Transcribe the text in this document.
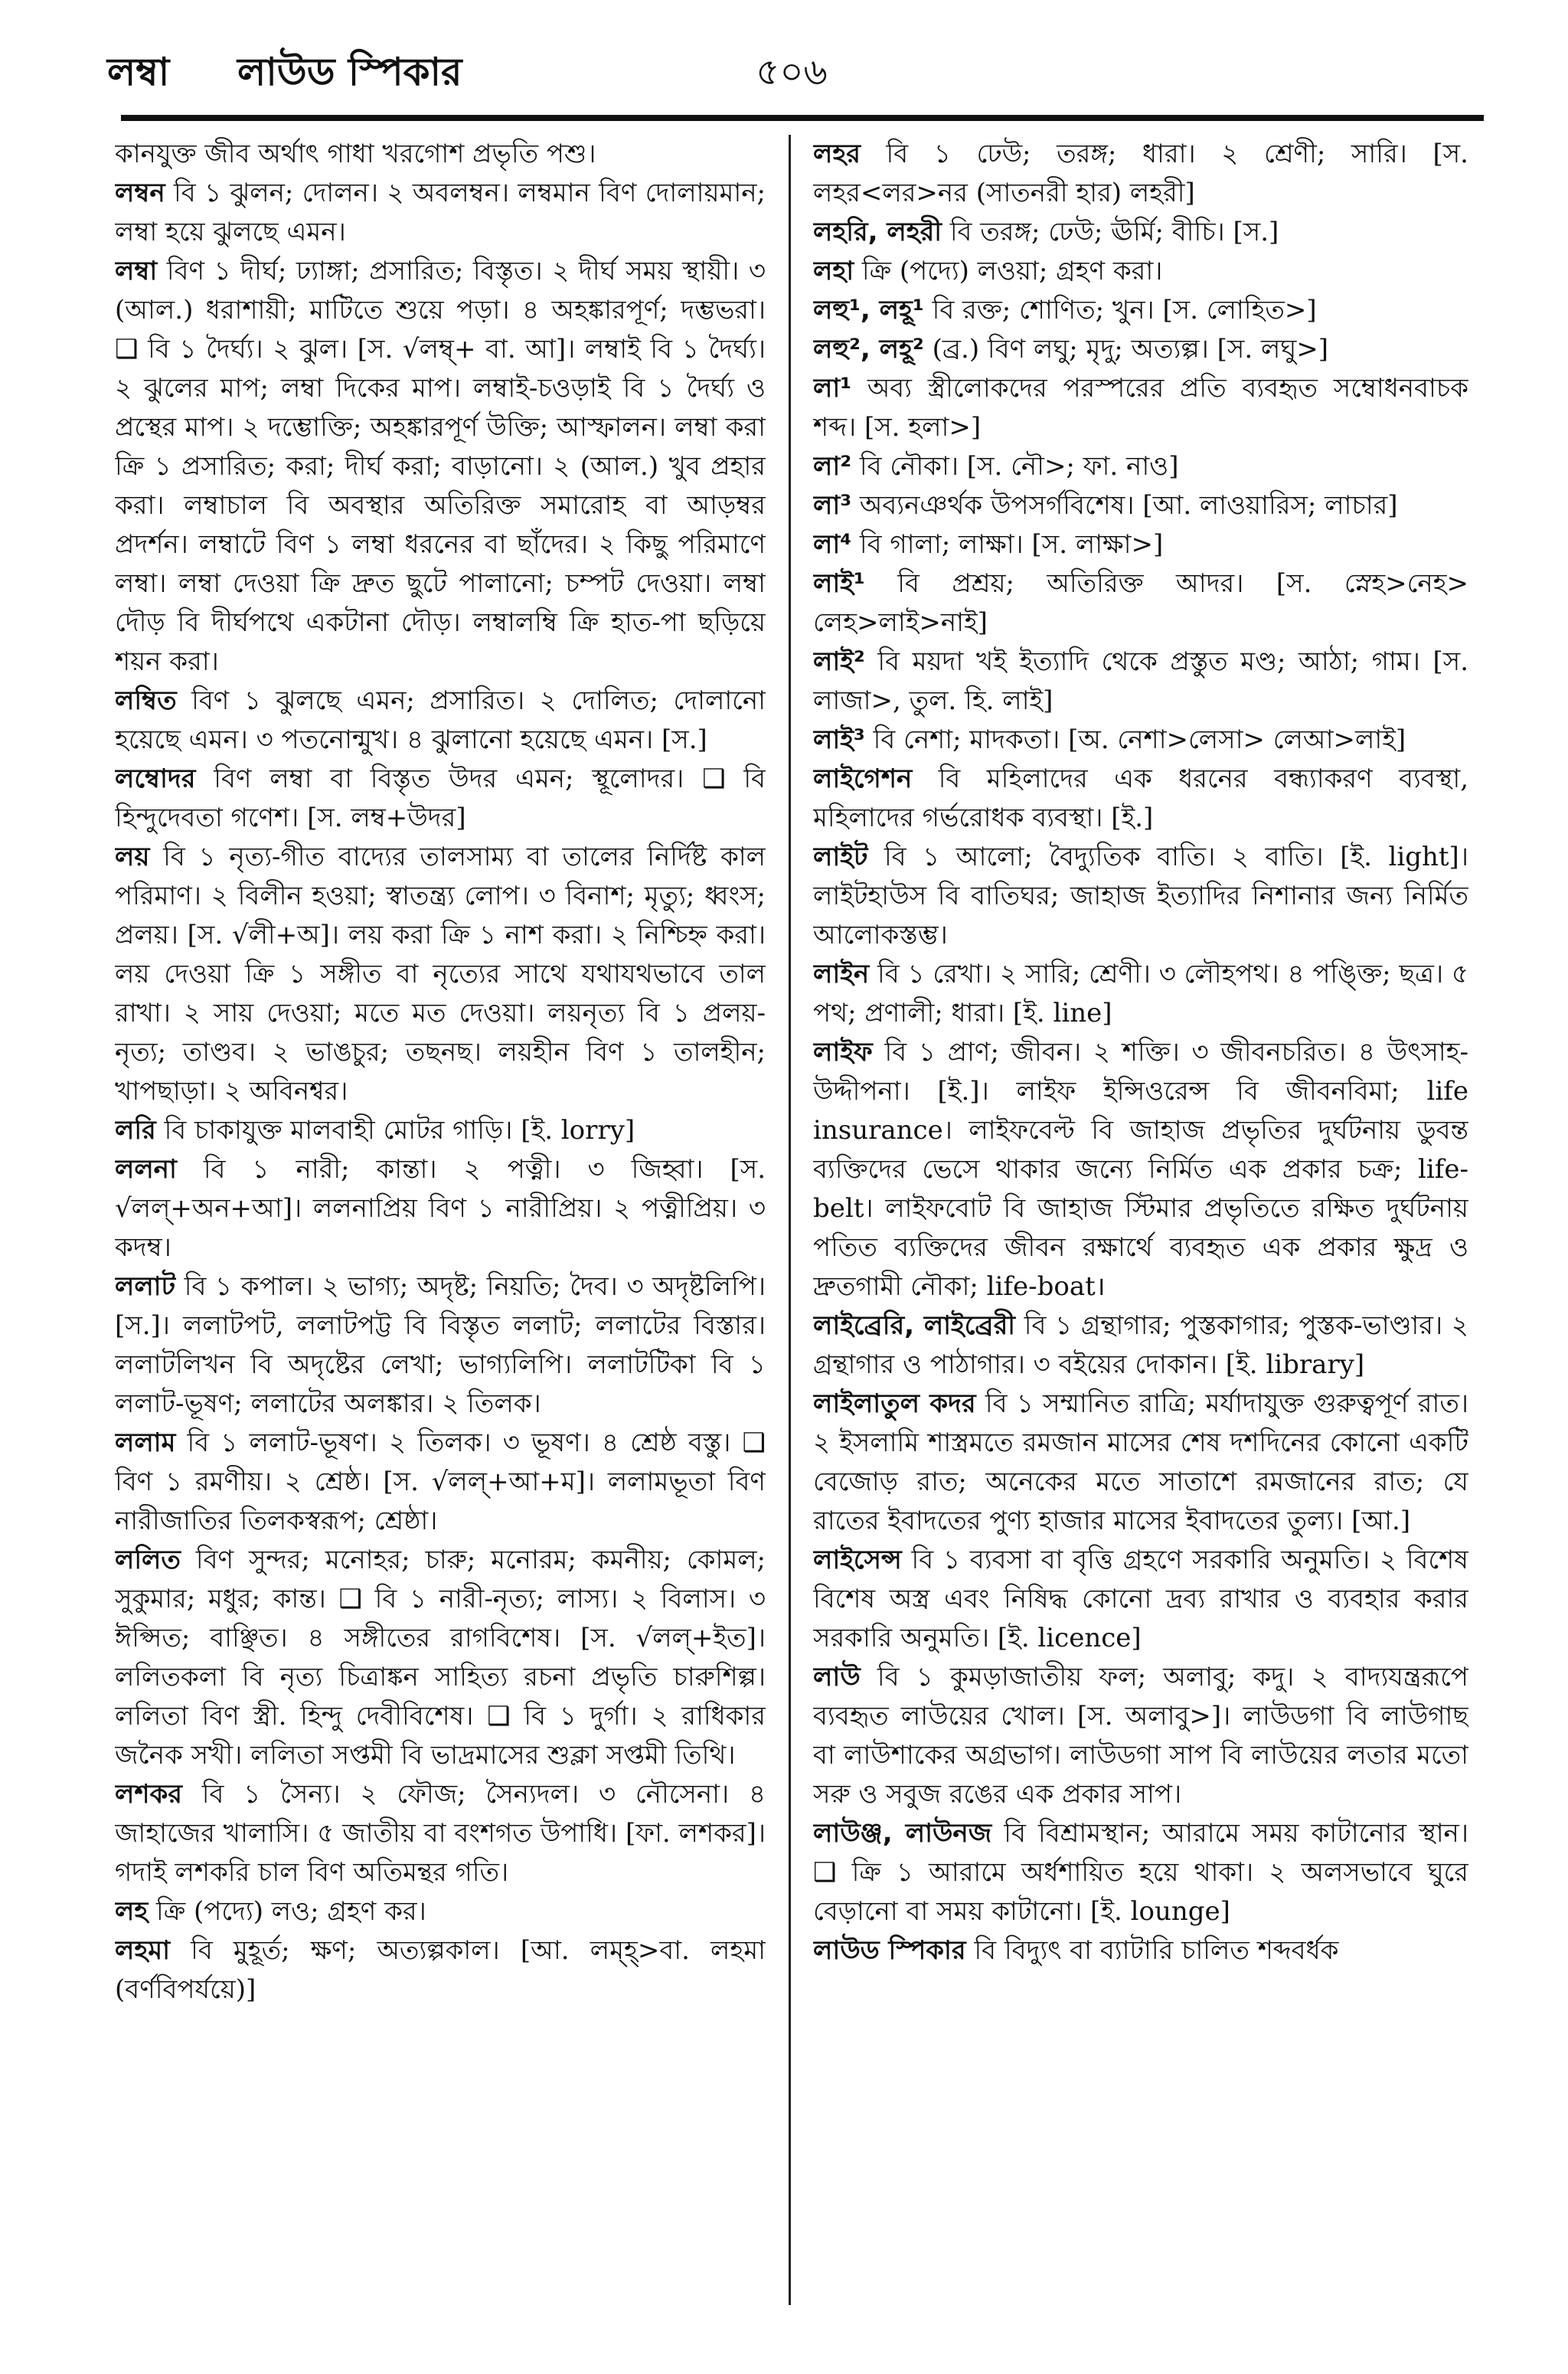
লম্বা লাউড স্পিকার	৫০৬

কানযুক্ত জীব অর্থাৎ গাধা খরগোশ প্রভৃতি পশু।

লম্বন বি ১ ঝুলন; দোলন। ২ অবলম্বন। লম্বমান বিণ দোলায়মান; লম্বা হয়ে ঝুলছে এমন।

লম্বা বিণ ১ দীর্ঘ; ঢ্যাঙ্গা; প্রসারিত; বিস্তৃত। ২ দীর্ঘ সময় স্থায়ী। ৩ (আল.) ধরাশায়ী; মাটিতে শুয়ে পড়া। ৪ অহঙ্কারপূর্ণ; দম্ভভরা। ❑ বি ১ দৈর্ঘ্য। ২ ঝুল। [স. √লম্ব্+ বা. আ]। লম্বাই বি ১ দৈর্ঘ্য। ২ ঝুলের মাপ; লম্বা দিকের মাপ। লম্বাই-চওড়াই বি ১ দৈর্ঘ্য ও প্রস্থের মাপ। ২ দম্ভোক্তি; অহঙ্কারপূর্ণ উক্তি; আস্ফালন। লম্বা করা ক্রি ১ প্রসারিত; করা; দীর্ঘ করা; বাড়ানো। ২ (আল.) খুব প্রহার করা। লম্বাচাল বি অবস্থার অতিরিক্ত সমারোহ বা আড়ম্বর প্রদর্শন। লম্বাটে বিণ ১ লম্বা ধরনের বা ছাঁদের। ২ কিছু পরিমাণে লম্বা। লম্বা দেওয়া ক্রি দ্রুত ছুটে পালানো; চম্পট দেওয়া। লম্বা দৌড় বি দীর্ঘপথে একটানা দৌড়। লম্বালম্বি ক্রি হাত-পা ছড়িয়ে শয়ন করা।

লম্বিত বিণ ১ ঝুলছে এমন; প্রসারিত। ২ দোলিত; দোলানো হয়েছে এমন। ৩ পতনোন্মুখ। ৪ ঝুলানো হয়েছে এমন। [স.]

লম্বোদর বিণ লম্বা বা বিস্তৃত উদর এমন; স্থূলোদর। ❑ বি হিন্দুদেবতা গণেশ। [স. লম্ব+উদর]

লয় বি ১ নৃত্য-গীত বাদ্যের তালসাম্য বা তালের নির্দিষ্ট কাল পরিমাণ। ২ বিলীন হওয়া; স্বাতন্ত্র্য লোপ। ৩ বিনাশ; মৃত্যু; ধ্বংস; প্রলয়। [স. √লী+অ]। লয় করা ক্রি ১ নাশ করা। ২ নিশ্চিহ্ন করা। লয় দেওয়া ক্রি ১ সঙ্গীত বা নৃত্যের সাথে যথাযথভাবে তাল রাখা। ২ সায় দেওয়া; মতে মত দেওয়া। লয়নৃত্য বি ১ প্রলয়-নৃত্য; তাণ্ডব। ২ ভাঙচুর; তছনছ। লয়হীন বিণ ১ তালহীন; খাপছাড়া। ২ অবিনশ্বর।

লরি বি চাকাযুক্ত মালবাহী মোটর গাড়ি। [ই. lorry]

ললনা বি ১ নারী; কান্তা। ২ পত্নী। ৩ জিহ্বা। [স. √লল্+অন+আ]। ললনাপ্রিয় বিণ ১ নারীপ্রিয়। ২ পত্নীপ্রিয়। ৩ কদম্ব।

ললাট বি ১ কপাল। ২ ভাগ্য; অদৃষ্ট; নিয়তি; দৈব। ৩ অদৃষ্টলিপি। [স.]। ললাটপট, ললাটপট্ট বি বিস্তৃত ললাট; ললাটের বিস্তার। ললাটলিখন বি অদৃষ্টের লেখা; ভাগ্যলিপি। ললাটটিকা বি ১ ললাট-ভূষণ; ললাটের অলঙ্কার। ২ তিলক।

ললাম বি ১ ললাট-ভূষণ। ২ তিলক। ৩ ভূষণ। ৪ শ্রেষ্ঠ বস্তু। ❑ বিণ ১ রমণীয়। ২ শ্রেষ্ঠ। [স. √লল্+আ+ম]। ললামভূতা বিণ নারীজাতির তিলকস্বরূপ; শ্রেষ্ঠা।

ললিত বিণ সুন্দর; মনোহর; চারু; মনোরম; কমনীয়; কোমল; সুকুমার; মধুর; কান্ত। ❑ বি ১ নারী-নৃত্য; লাস্য। ২ বিলাস। ৩ ঈপ্সিত; বাঞ্ছিত। ৪ সঙ্গীতের রাগবিশেষ। [স. √লল্+ইত]। ললিতকলা বি নৃত্য চিত্রাঙ্কন সাহিত্য রচনা প্রভৃতি চারুশিল্প। ললিতা বিণ স্ত্রী. হিন্দু দেবীবিশেষ। ❑ বি ১ দুর্গা। ২ রাধিকার জনৈক সখী। ললিতা সপ্তমী বি ভাদ্রমাসের শুক্লা সপ্তমী তিথি।

লশকর বি ১ সৈন্য। ২ ফৌজ; সৈন্যদল। ৩ নৌসেনা। ৪ জাহাজের খালাসি। ৫ জাতীয় বা বংশগত উপাধি। [ফা. লশকর]। গদাই লশকরি চাল বিণ অতিমন্থর গতি।

লহ ক্রি (পদ্যে) লও; গ্রহণ কর।

লহমা বি মুহূর্ত; ক্ষণ; অত্যল্পকাল। [আ. লম্হ্‌>বা. লহমা (বর্ণবিপর্যয়ে)]

লহর বি ১ ঢেউ; তরঙ্গ; ধারা। ২ শ্রেণী; সারি। [স. লহর<লর>নর (সাতনরী হার) লহরী]

লহরি, লহরী বি তরঙ্গ; ঢেউ; ঊর্মি; বীচি। [স.]

লহা ক্রি (পদ্যে) লওয়া; গ্রহণ করা।

লহু¹, লহূ¹ বি রক্ত; শোণিত; খুন। [স. লোহিত>]

লহু², লহূ² (ব্র.) বিণ লঘু; মৃদু; অত্যল্প। [স. লঘু>]

লা¹ অব্য স্ত্রীলোকদের পরস্পরের প্রতি ব্যবহৃত সম্বোধনবাচক শব্দ। [স. হলা>]

লা² বি নৌকা। [স. নৌ>; ফা. নাও]

লা³ অব্যনঞর্থক উপসর্গবিশেষ। [আ. লাওয়ারিস; লাচার]

লা⁴ বি গালা; লাক্ষা। [স. লাক্ষা>]

লাই¹ বি প্রশ্রয়; অতিরিক্ত আদর। [স. স্নেহ>নেহ> লেহ>লাই>নাই]

লাই² বি ময়দা খই ইত্যাদি থেকে প্রস্তুত মণ্ড; আঠা; গাম। [স. লাজা>, তুল. হি. লাই]

লাই³ বি নেশা; মাদকতা। [অ. নেশা>লেসা> লেআ>লাই]

লাইগেশন বি মহিলাদের এক ধরনের বন্ধ্যাকরণ ব্যবস্থা, মহিলাদের গর্ভরোধক ব্যবস্থা। [ই.]

লাইট বি ১ আলো; বৈদ্যুতিক বাতি। ২ বাতি। [ই. light]। লাইটহাউস বি বাতিঘর; জাহাজ ইত্যাদির নিশানার জন্য নির্মিত আলোকস্তম্ভ।

লাইন বি ১ রেখা। ২ সারি; শ্রেণী। ৩ লৌহপথ। ৪ পঙ্ক্তি; ছত্র। ৫ পথ; প্রণালী; ধারা। [ই. line]

লাইফ বি ১ প্রাণ; জীবন। ২ শক্তি। ৩ জীবনচরিত। ৪ উৎসাহ-উদ্দীপনা। [ই.]। লাইফ ইন্সিওরেন্স বি জীবনবিমা; life insurance। লাইফবেল্ট বি জাহাজ প্রভৃতির দুর্ঘটনায় ডুবন্ত ব্যক্তিদের ভেসে থাকার জন্যে নির্মিত এক প্রকার চক্র; life-belt। লাইফবোট বি জাহাজ স্টিমার প্রভৃতিতে রক্ষিত দুর্ঘটনায় পতিত ব্যক্তিদের জীবন রক্ষার্থে ব্যবহৃত এক প্রকার ক্ষুদ্র ও দ্রুতগামী নৌকা; life-boat।

লাইব্রেরি, লাইব্রেরী বি ১ গ্রন্থাগার; পুস্তকাগার; পুস্তক-ভাণ্ডার। ২ গ্রন্থাগার ও পাঠাগার। ৩ বইয়ের দোকান। [ই. library]

লাইলাতুল কদর বি ১ সম্মানিত রাত্রি; মর্যাদাযুক্ত গুরুত্বপূর্ণ রাত। ২ ইসলামি শাস্ত্রমতে রমজান মাসের শেষ দশদিনের কোনো একটি বেজোড় রাত; অনেকের মতে সাতাশে রমজানের রাত; যে রাতের ইবাদতের পুণ্য হাজার মাসের ইবাদতের তুল্য। [আ.]

লাইসেন্স বি ১ ব্যবসা বা বৃত্তি গ্রহণে সরকারি অনুমতি। ২ বিশেষ বিশেষ অস্ত্র এবং নিষিদ্ধ কোনো দ্রব্য রাখার ও ব্যবহার করার সরকারি অনুমতি। [ই. licence]

লাউ বি ১ কুমড়াজাতীয় ফল; অলাবু; কদু। ২ বাদ্যযন্ত্ররূপে ব্যবহৃত লাউয়ের খোল। [স. অলাবু>]। লাউডগা বি লাউগাছ বা লাউশাকের অগ্রভাগ। লাউডগা সাপ বি লাউয়ের লতার মতো সরু ও সবুজ রঙের এক প্রকার সাপ।

লাউঞ্জ, লাউনজ বি বিশ্রামস্থান; আরামে সময় কাটানোর স্থান। ❑ ক্রি ১ আরামে অর্ধশায়িত হয়ে থাকা। ২ অলসভাবে ঘুরে বেড়ানো বা সময় কাটানো। [ই. lounge]

লাউড স্পিকার বি বিদ্যুৎ বা ব্যাটারি চালিত শব্দবর্ধক
